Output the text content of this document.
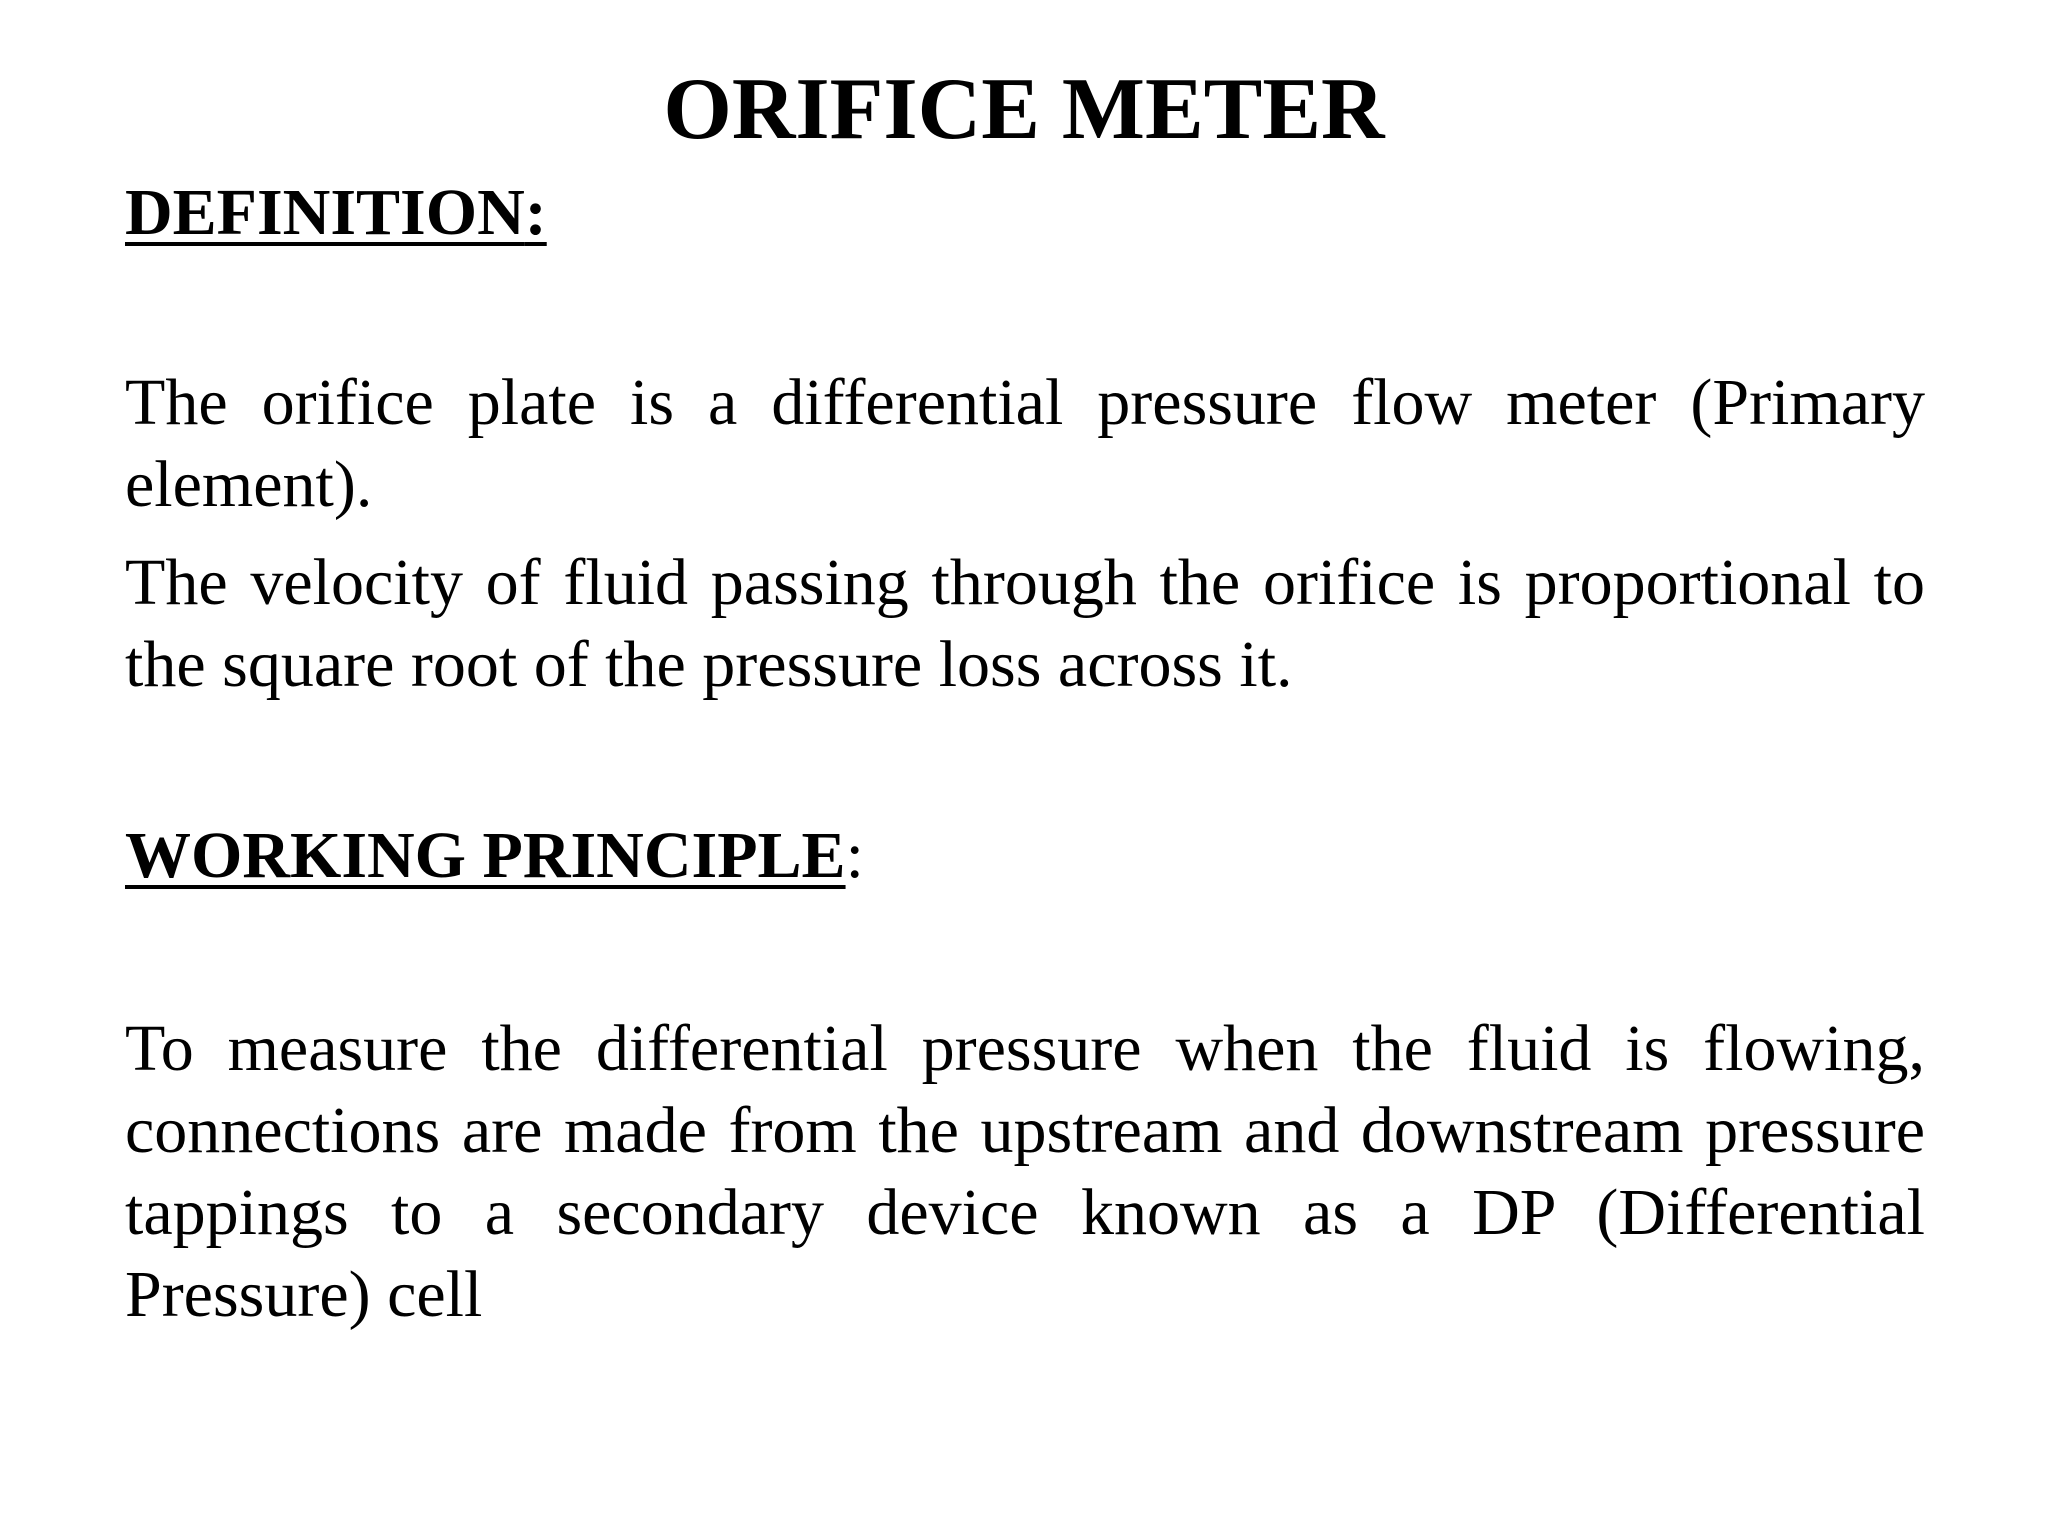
ORIFICE METER
DEFINITION:

The orifice plate is a differential pressure flow meter (Primary element).

The velocity of fluid passing through the orifice is proportional to the square root of the pressure loss across it.

WORKING PRINCIPLE:

To measure the differential pressure when the fluid is flowing, connections are made from the upstream and downstream pressure tappings to a secondary device known as a DP (Differential Pressure) cell
